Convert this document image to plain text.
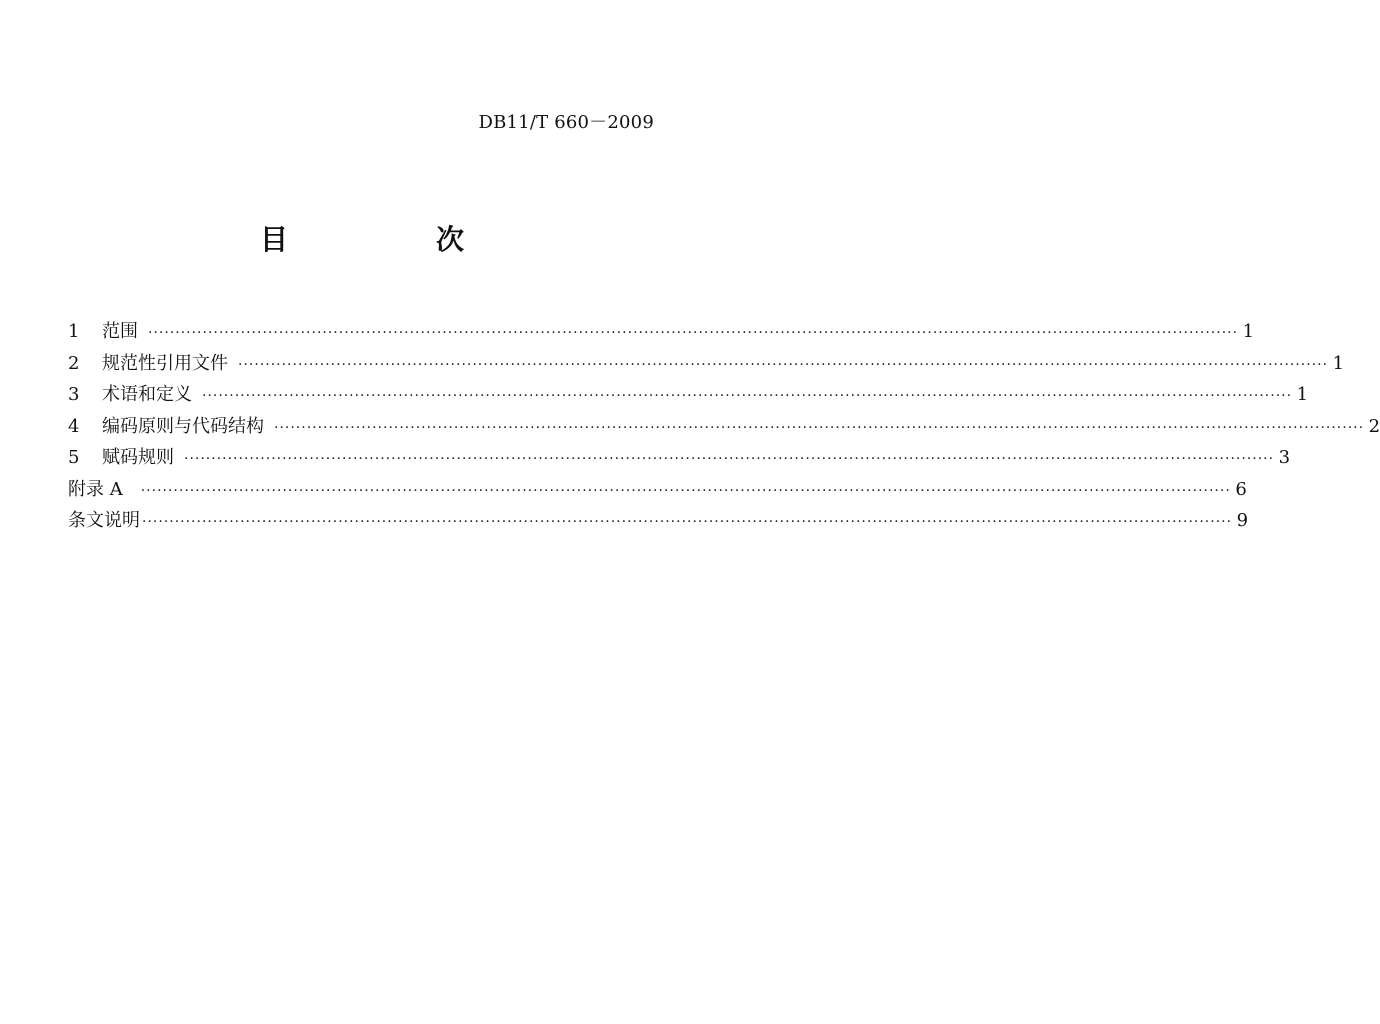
DB11/T 660－2009
目　次
1	范围 ········································································································································································································ 1
2	规范性引用文件 ········································································································································································································ 1
3	术语和定义 ········································································································································································································ 1
4	编码原则与代码结构 ········································································································································································································ 2
5	赋码规则 ········································································································································································································ 3
附录 A ········································································································································································································ 6
条文说明 ········································································································································································································ 9
